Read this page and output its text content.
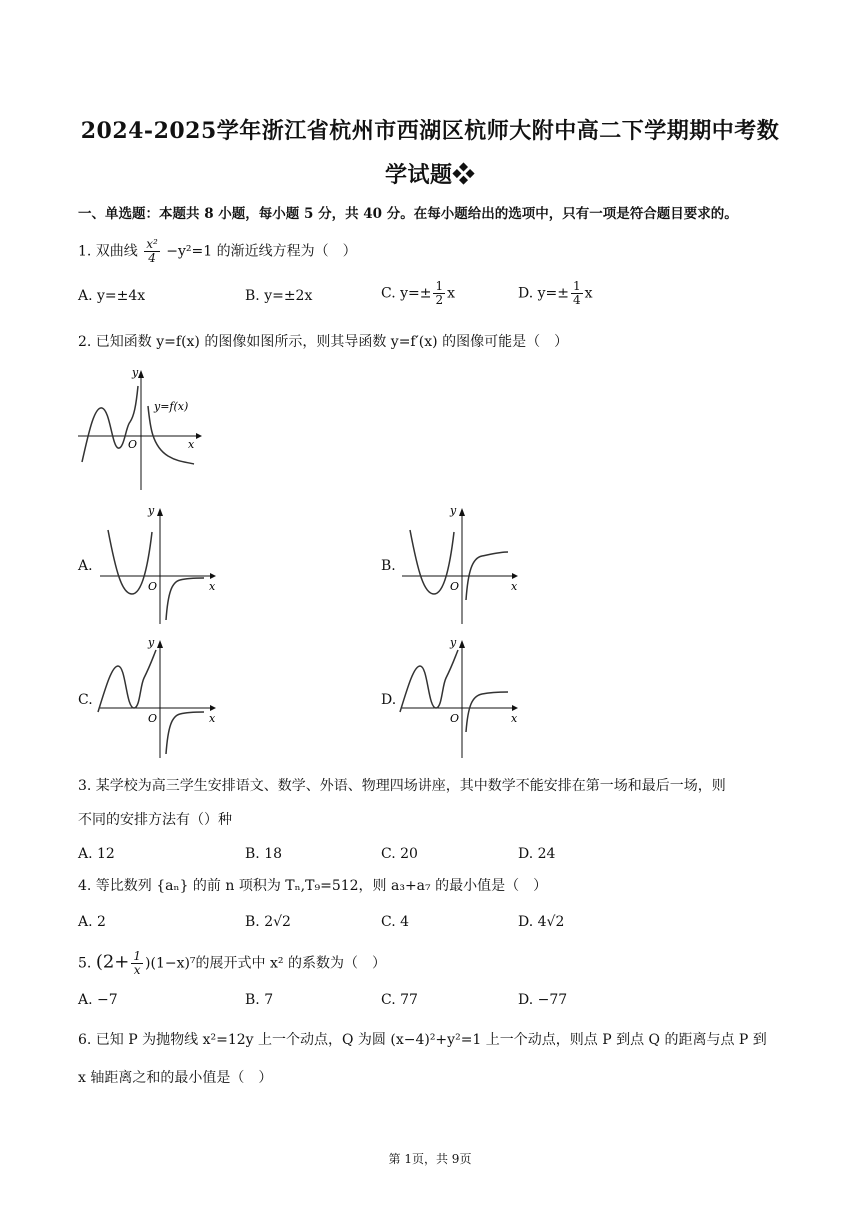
2024-2025学年浙江省杭州市西湖区杭师大附中高二下学期期中考数
学试题❖
一、单选题：本题共 8 小题，每小题 5 分，共 40 分。在每小题给出的选项中，只有一项是符合题目要求的。
1. 双曲线 $\frac{\text{x²}}{4} -y^2=1$ 的渐近线方程为（　）
A. y=±4x	B. y=±2x	C. $y=\pm \frac{1}{2}$ x	D. $y=\pm \frac{1}{4}$ x
2. 已知函数 y=f(x) 的图像如图所示，则其导函数 y=f′(x) 的图像可能是（　）
y
x
O
y=f(x)
A.
y
x
O
B.
y
x
O
C.
y
x
O
D.
y
x
O
3. 某学校为高三学生安排语文、数学、外语、物理四场讲座，其中数学不能安排在第一场和最后一场，则
不同的安排方法有（）种
A. 12	B. 18	C. 20	D. 24
4. 等比数列 {aₙ} 的前 n 项积为 Tₙ,T₉=512，则 a₃+a₇ 的最小值是（　）
A. 2	B. 2√2	C. 4	D. 4√2
5. $(2+ \frac{1}{x} )(1-x)^7$的展开式中 x² 的系数为（　）
A. −7	B. 7	C. 77	D. −77
6. 已知 P 为抛物线 x²=12y 上一个动点，Q 为圆 (x−4)²+y²=1 上一个动点，则点 P 到点 Q 的距离与点 P 到
x 轴距离之和的最小值是（　）
第 1页，共 9页
